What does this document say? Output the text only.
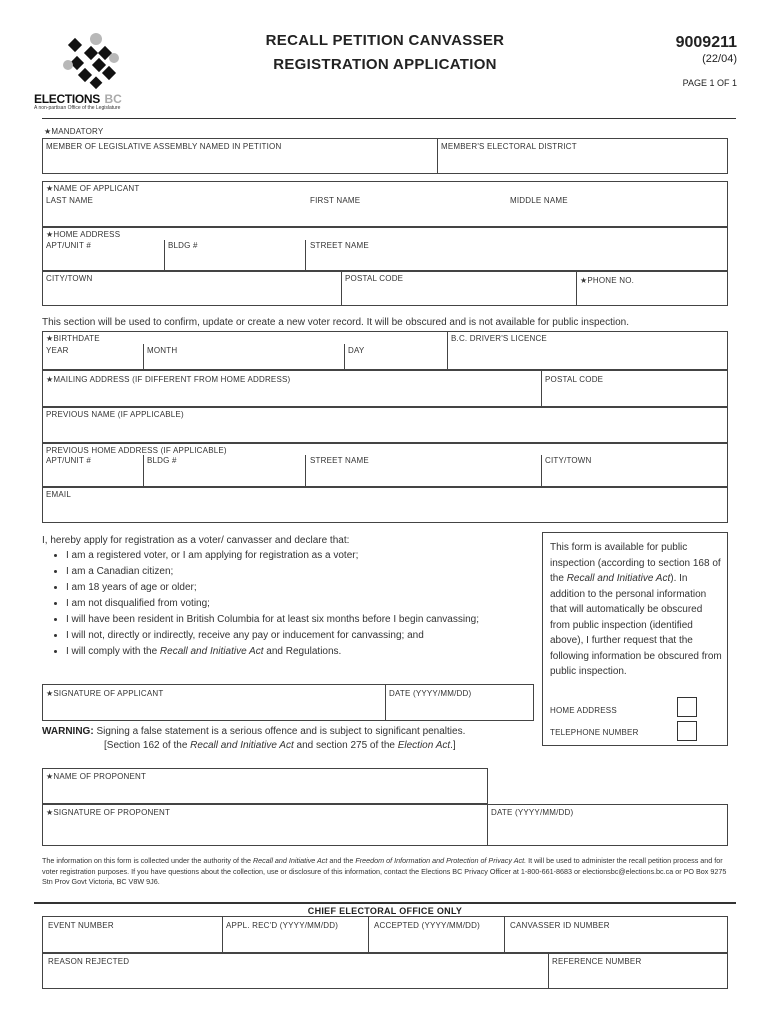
ELECTIONS BC
A non-partisan Office of the Legislature
RECALL PETITION CANVASSER
REGISTRATION APPLICATION
9009211
(22/04)
PAGE 1 OF 1
★MANDATORY
MEMBER OF LEGISLATIVE ASSEMBLY NAMED IN PETITION	MEMBER'S ELECTORAL DISTRICT
★NAME OF APPLICANT
LAST NAME	FIRST NAME	MIDDLE NAME
★HOME ADDRESS
APT/UNIT #	BLDG #	STREET NAME
CITY/TOWN	POSTAL CODE	★PHONE NO.
This section will be used to confirm, update or create a new voter record. It will be obscured and is not available for public inspection.
★BIRTHDATE
YEAR	MONTH	DAY
B.C. DRIVER'S LICENCE
★MAILING ADDRESS (IF DIFFERENT FROM HOME ADDRESS)	POSTAL CODE
PREVIOUS NAME (IF APPLICABLE)
PREVIOUS HOME ADDRESS (IF APPLICABLE)
APT/UNIT #	BLDG #	STREET NAME	CITY/TOWN
EMAIL
I, hereby apply for registration as a voter/ canvasser and declare that:
• I am a registered voter, or I am applying for registration as a voter;
• I am a Canadian citizen;
• I am 18 years of age or older;
• I am not disqualified from voting;
• I will have been resident in British Columbia for at least six months before I begin canvassing;
• I will not, directly or indirectly, receive any pay or inducement for canvassing; and
• I will comply with the Recall and Initiative Act and Regulations.
★SIGNATURE OF APPLICANT	DATE (YYYY/MM/DD)
WARNING: Signing a false statement is a serious offence and is subject to significant penalties.
[Section 162 of the Recall and Initiative Act and section 275 of the Election Act.]
This form is available for public inspection (according to section 168 of the Recall and Initiative Act). In addition to the personal information that will automatically be obscured from public inspection (identified above), I further request that the following information be obscured from public inspection.
HOME ADDRESS
TELEPHONE NUMBER
★NAME OF PROPONENT
★SIGNATURE OF PROPONENT	DATE (YYYY/MM/DD)
The information on this form is collected under the authority of the Recall and Initiative Act and the Freedom of Information and Protection of Privacy Act. It will be used to administer the recall petition process and for voter registration purposes. If you have questions about the collection, use or disclosure of this information, contact the Elections BC Privacy Officer at 1-800-661-8683 or electionsbc@elections.bc.ca or PO Box 9275 Stn Prov Govt Victoria, BC V8W 9J6.
CHIEF ELECTORAL OFFICE ONLY
EVENT NUMBER	APPL. REC'D (YYYY/MM/DD)	ACCEPTED (YYYY/MM/DD)	CANVASSER ID NUMBER
REASON REJECTED	REFERENCE NUMBER
